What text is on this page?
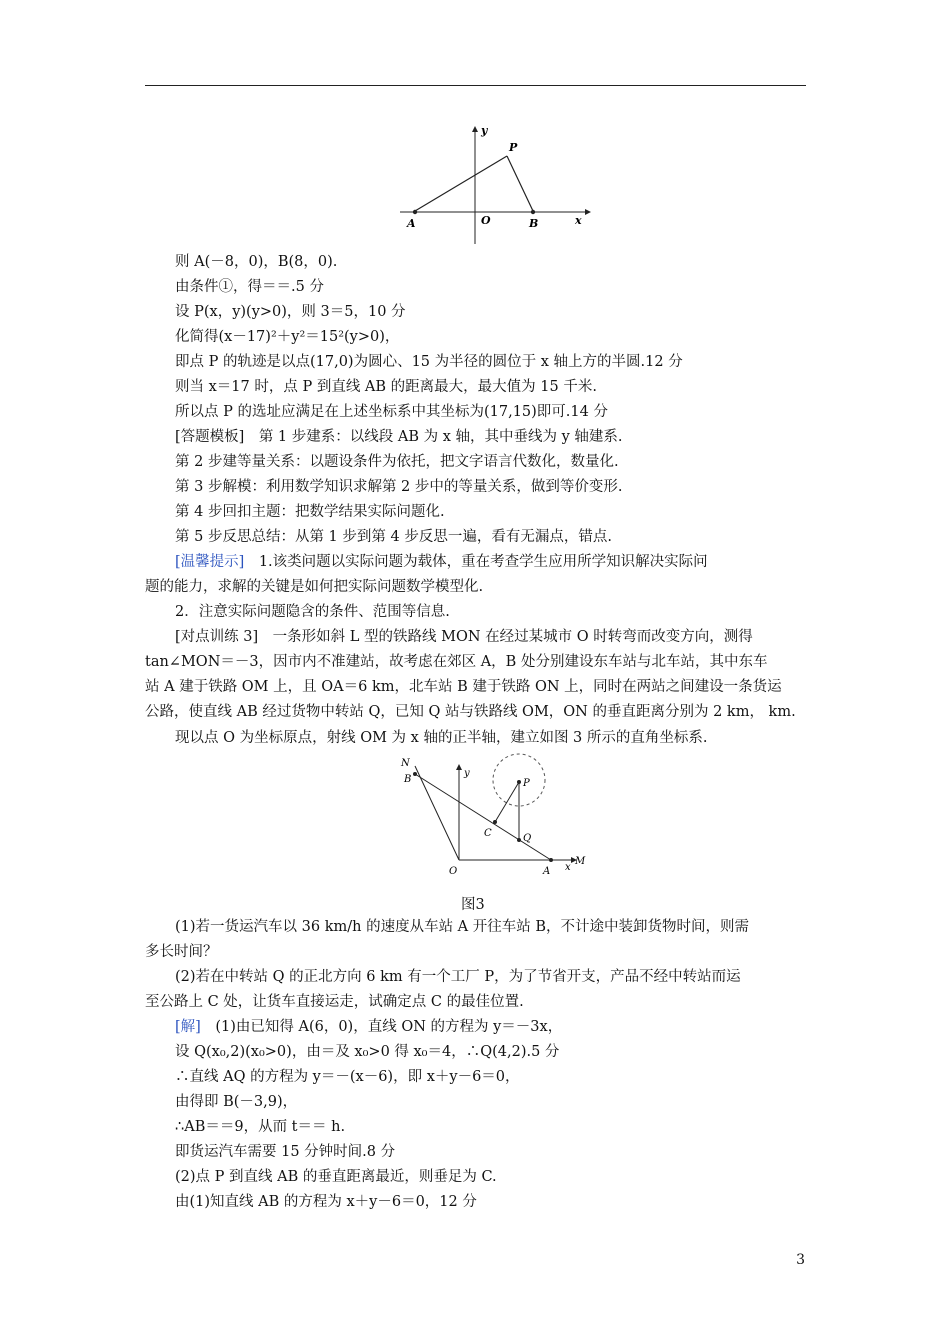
y
P
A	O	B	x
则 A(－8，0)，B(8，0).
由条件①，得＝＝.5 分
设 P(x，y)(y>0)，则 3＝5，10 分
化简得(x－17)²＋y²＝15²(y>0)，
即点 P 的轨迹是以点(17,0)为圆心、15 为半径的圆位于 x 轴上方的半圆.12 分
则当 x＝17 时，点 P 到直线 AB 的距离最大，最大值为 15 千米.
所以点 P 的选址应满足在上述坐标系中其坐标为(17,15)即可.14 分
[答题模板]　第 1 步建系：以线段 AB 为 x 轴，其中垂线为 y 轴建系.
第 2 步建等量关系：以题设条件为依托，把文字语言代数化，数量化.
第 3 步解模：利用数学知识求解第 2 步中的等量关系，做到等价变形.
第 4 步回扣主题：把数学结果实际问题化.
第 5 步反思总结：从第 1 步到第 4 步反思一遍，看有无漏点，错点.
[温馨提示]　1.该类问题以实际问题为载体，重在考查学生应用所学知识解决实际问
题的能力，求解的关键是如何把实际问题数学模型化.
2．注意实际问题隐含的条件、范围等信息.
[对点训练 3]　一条形如斜 L 型的铁路线 MON 在经过某城市 O 时转弯而改变方向，测得
tan∠MON＝－3，因市内不准建站，故考虑在郊区 A，B 处分别建设东车站与北车站，其中东车
站 A 建于铁路 OM 上，且 OA＝6 km，北车站 B 建于铁路 ON 上，同时在两站之间建设一条货运
公路，使直线 AB 经过货物中转站 Q，已知 Q 站与铁路线 OM，ON 的垂直距离分别为 2 km， km.
现以点 O 为坐标原点，射线 OM 为 x 轴的正半轴，建立如图 3 所示的直角坐标系.
N
B
y
P
C	Q
O	A x
M
图3
(1)若一货运汽车以 36 km/h 的速度从车站 A 开往车站 B，不计途中装卸货物时间，则需
多长时间？
(2)若在中转站 Q 的正北方向 6 km 有一个工厂 P，为了节省开支，产品不经中转站而运
至公路上 C 处，让货车直接运走，试确定点 C 的最佳位置.
[解]　(1)由已知得 A(6，0)，直线 ON 的方程为 y＝－3x，
设 Q(x₀,2)(x₀>0)，由＝及 x₀>0 得 x₀＝4，∴Q(4,2).5 分
∴直线 AQ 的方程为 y＝－(x－6)，即 x＋y－6＝0，
由得即 B(－3,9)，
∴AB＝＝9，从而 t＝＝ h.
即货运汽车需要 15 分钟时间.8 分
(2)点 P 到直线 AB 的垂直距离最近，则垂足为 C.
由(1)知直线 AB 的方程为 x＋y－6＝0，12 分
3
